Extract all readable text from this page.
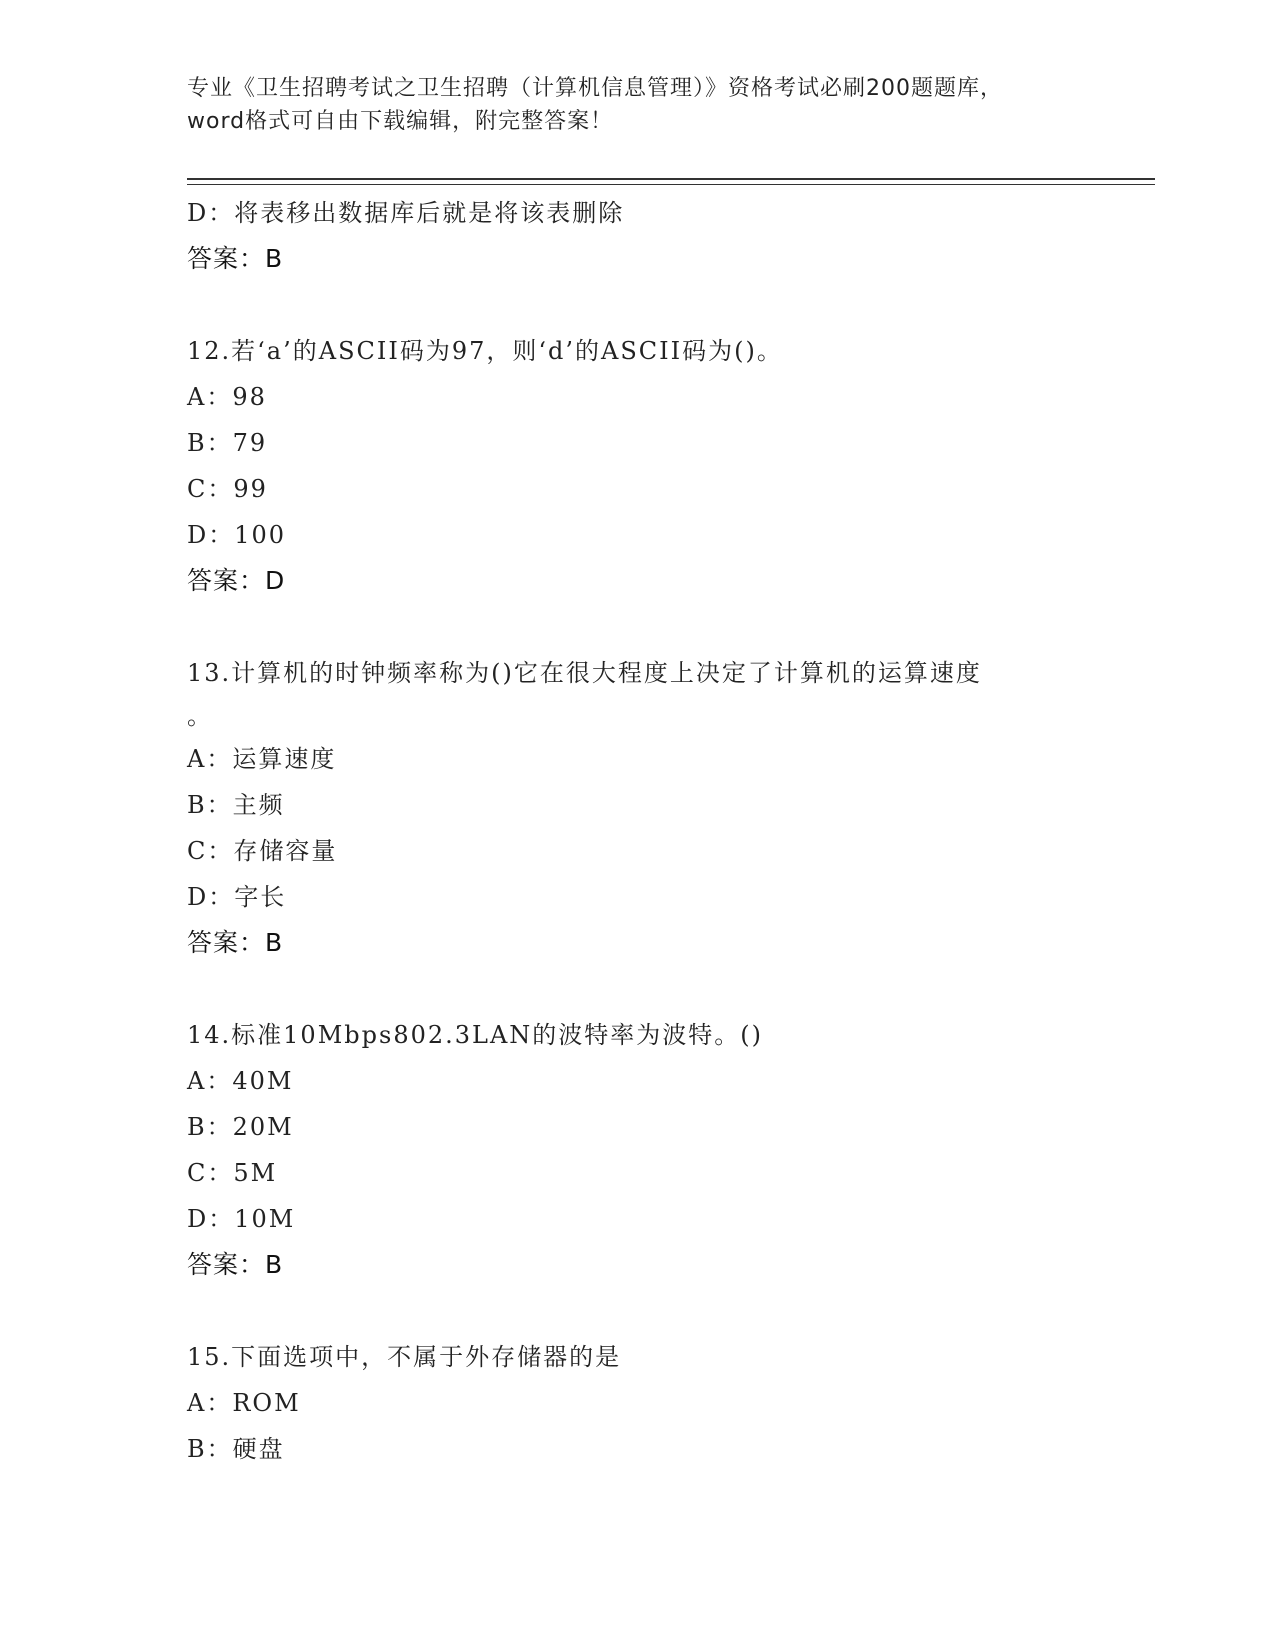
专业《卫生招聘考试之卫生招聘（计算机信息管理）》资格考试必刷200题题库，
word格式可自由下载编辑，附完整答案！
D：将表移出数据库后就是将该表删除
答案：B
12.若‘a’的ASCII码为97，则‘d’的ASCII码为()。
A：98
B：79
C：99
D：100
答案：D
13.计算机的时钟频率称为()它在很大程度上决定了计算机的运算速度
。
A：运算速度
B：主频
C：存储容量
D：字长
答案：B
14.标准10Mbps802.3LAN的波特率为波特。()
A：40M
B：20M
C：5M
D：10M
答案：B
15.下面选项中，不属于外存储器的是
A：ROM
B：硬盘
